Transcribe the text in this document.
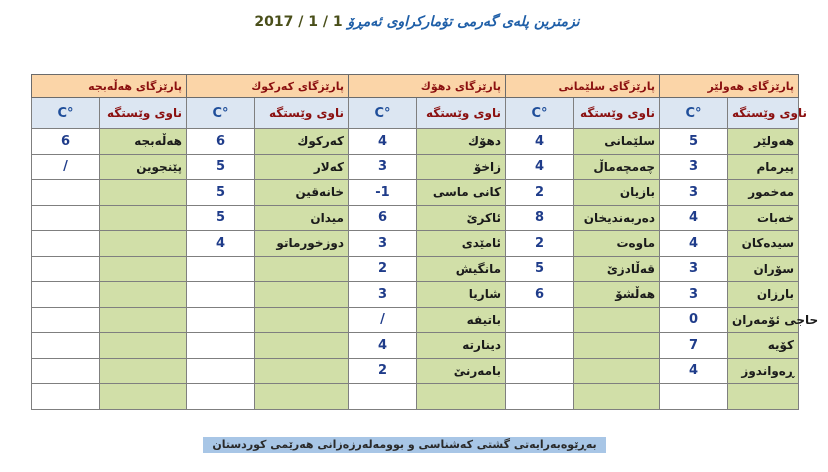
نزمترین پلەی گەرمی تۆمارکراوی ئەمڕۆ 1 / 1 / 2017
پارێزگای هەڵەبجە		پارێزگای کەرکوك		پارێزگای دهۆك		پارێزگای سلێمانی		پارێزگای هەولێر	
C°	ناوی وێستگە	C°	ناوی وێستگە	C°	ناوی وێستگە	C°	ناوی وێستگە	C°	ناوی وێستگە
6	هەڵەبجە	6	کەرکوك	4	دهۆك	4	سلێمانی	5	هەولێر
/	پێنجوین	5	کەلار	3	زاخۆ	4	چەمچەماڵ	3	پیرمام
		5	خانەقین	-1	کانی ماسی	2	بازیان	3	مەخمور
		5	میدان	6	ئاکرێ	8	دەربەندیخان	4	خەبات
		4	دوزخورماتو	3	ئامێدی	2	ماوەت	4	سیدەکان
				2	مانگیش	5	قەڵادزێ	3	سۆران
				3	شاریا	6	هەڵشۆ	3	بارزان
				/	باتیفە			0	حاجی ئۆمەران
				4	دینارتە			7	کۆیە
				2	بامەرنێ			4	ڕەواندوز

بەڕێوەبەرایەتی گشتی کەشناسی و بوومەلەرزەزانی هەرێمی کوردستان
